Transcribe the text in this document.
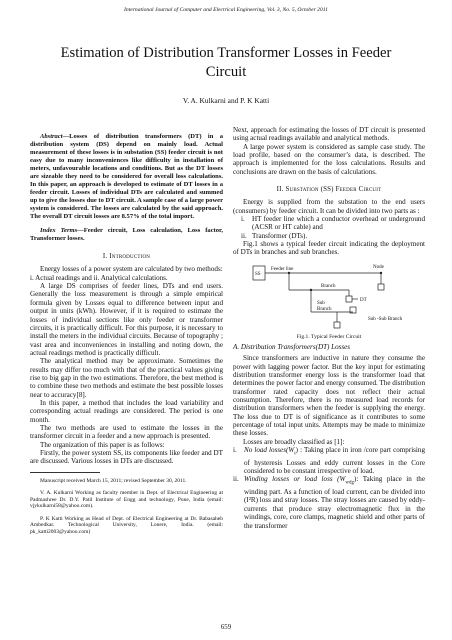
International Journal of Computer and Electrical Engineering, Vol. 3, No. 5, October 2011
Estimation of Distribution Transformer Losses in Feeder Circuit
V. A. Kulkarni and P. K Katti

Abstract—Losses of distribution transformers (DT) in a distribution system (DS) depend on mainly load. Actual measurement of these losses is in substation (SS) feeder circuit is not easy due to many inconveniences like difficulty in installation of meters, unfavourable locations and conditions. But as the DT losses are sizeable they need to be considered for overall loss calculations. In this paper, an approach is developed to estimate of DT losses in a feeder circuit. Losses of individual DTs are calculated and summed up to give the losses due to DT circuit. A sample case of a large power system is considered. The losses are calculated by the said approach. The overall DT circuit losses are 8.57% of the total import.

Index Terms—Feeder circuit, Loss calculation, Loss factor, Transformer losses.

I. Introduction

Energy losses of a power system are calculated by two methods:

i. Actual readings and ii. Analytical calculations.

A large DS comprises of feeder lines, DTs and end users. Generally the loss measurement is through a simple empirical formula given by Losses equal to difference between input and output in units (kWh). However, if it is required to estimate the losses of individual sections like only feeder or transformer circuits, it is practically difficult. For this purpose, it is necessary to install the meters in the individual circuits. Because of topography ; vast area and inconveniences in installing and noting down, the actual readings method is practically difficult.

The analytical method may be approximate. Sometimes the results may differ too much with that of the practical values giving rise to big gap in the two estimations. Therefore, the best method is to combine these two methods and estimate the best possible losses near to accuracy[8].

In this paper, a method that includes the load variability and corresponding actual readings are considered. The period is one month.

The two methods are used to estimate the losses in the transformer circuit in a feeder and a new approach is presented.

The organization of this paper is as follows:

Firstly, the power system SS, its components like feeder and DT are discussed. Various losses in DTs are discussed.

Manuscript received March 15, 2011; revised September 30, 2011.

V. A. Kulkarni Working as faculty member in Dept. of Electrical Engineering at Padmashree Dr. D.Y. Patil Institute of Engg and technology, Pune, India (email: vjykulkarni58@yahoo.com).

P. K Katti Working as Head of Dept. of Electrical Engineering at Dr. Babasaheb Ambedkar. Technological University, Lonere, India. (email: pk_katti2003@yahoo.com)

Next, approach for estimating the losses of DT circuit is presented using actual readings available and analytical methods.

A large power system is considered as sample case study. The load profile, based on the consumer’s data, is described. The approach is implemented for the loss calculations. Results and conclusions are drawn on the basis of calculations.

II. Substation (SS) Feeder Circuit

Energy is supplied from the substation to the end users (consumers) by feeder circuit. It can be divided into two parts as :

i. HT feeder line which a conductor overhead or underground (ACSR or HT cable) and
ii. Transformer (DTs).

Fig.1 shows a typical feeder circuit indicating the deployment of DTs in branches and sub branches.

SS
Feeder line	Node
Branch
DT
Sub
Branch
Sub -Sub Branch
Fig.1. Typical Feeder Circuit
A. Distribution Transformers(DT) Losses

Since transformers are inductive in nature they consume the power with lagging power factor. But the key input for estimating distribution transformer energy loss is the transformer load that determines the power factor and energy consumed. The distribution transformer rated capacity does not reflect their actual consumption. Therefore, there is no measured load records for distribution transformers when the feeder is supplying the energy. The loss due to DT is of significance as it contributes to some percentage of total input units. Attempts may be made to minimize these losses.

Losses are broadly classified as [1]:

i. No load $losses(W_i)$ : Taking place in iron /core part comprising of hysteresis Losses and eddy current losses in the Core considered to be constant irrespective of load.
ii. Winding losses or load loss $(W_{wdg})$: Taking place in the winding part. As a function of load current, can be divided into (I²R) loss and stray losses. The stray losses are caused by eddy-currents that produce stray electromagnetic flux in the windings, core, core clamps, magnetic shield and other parts of the transformer
659
